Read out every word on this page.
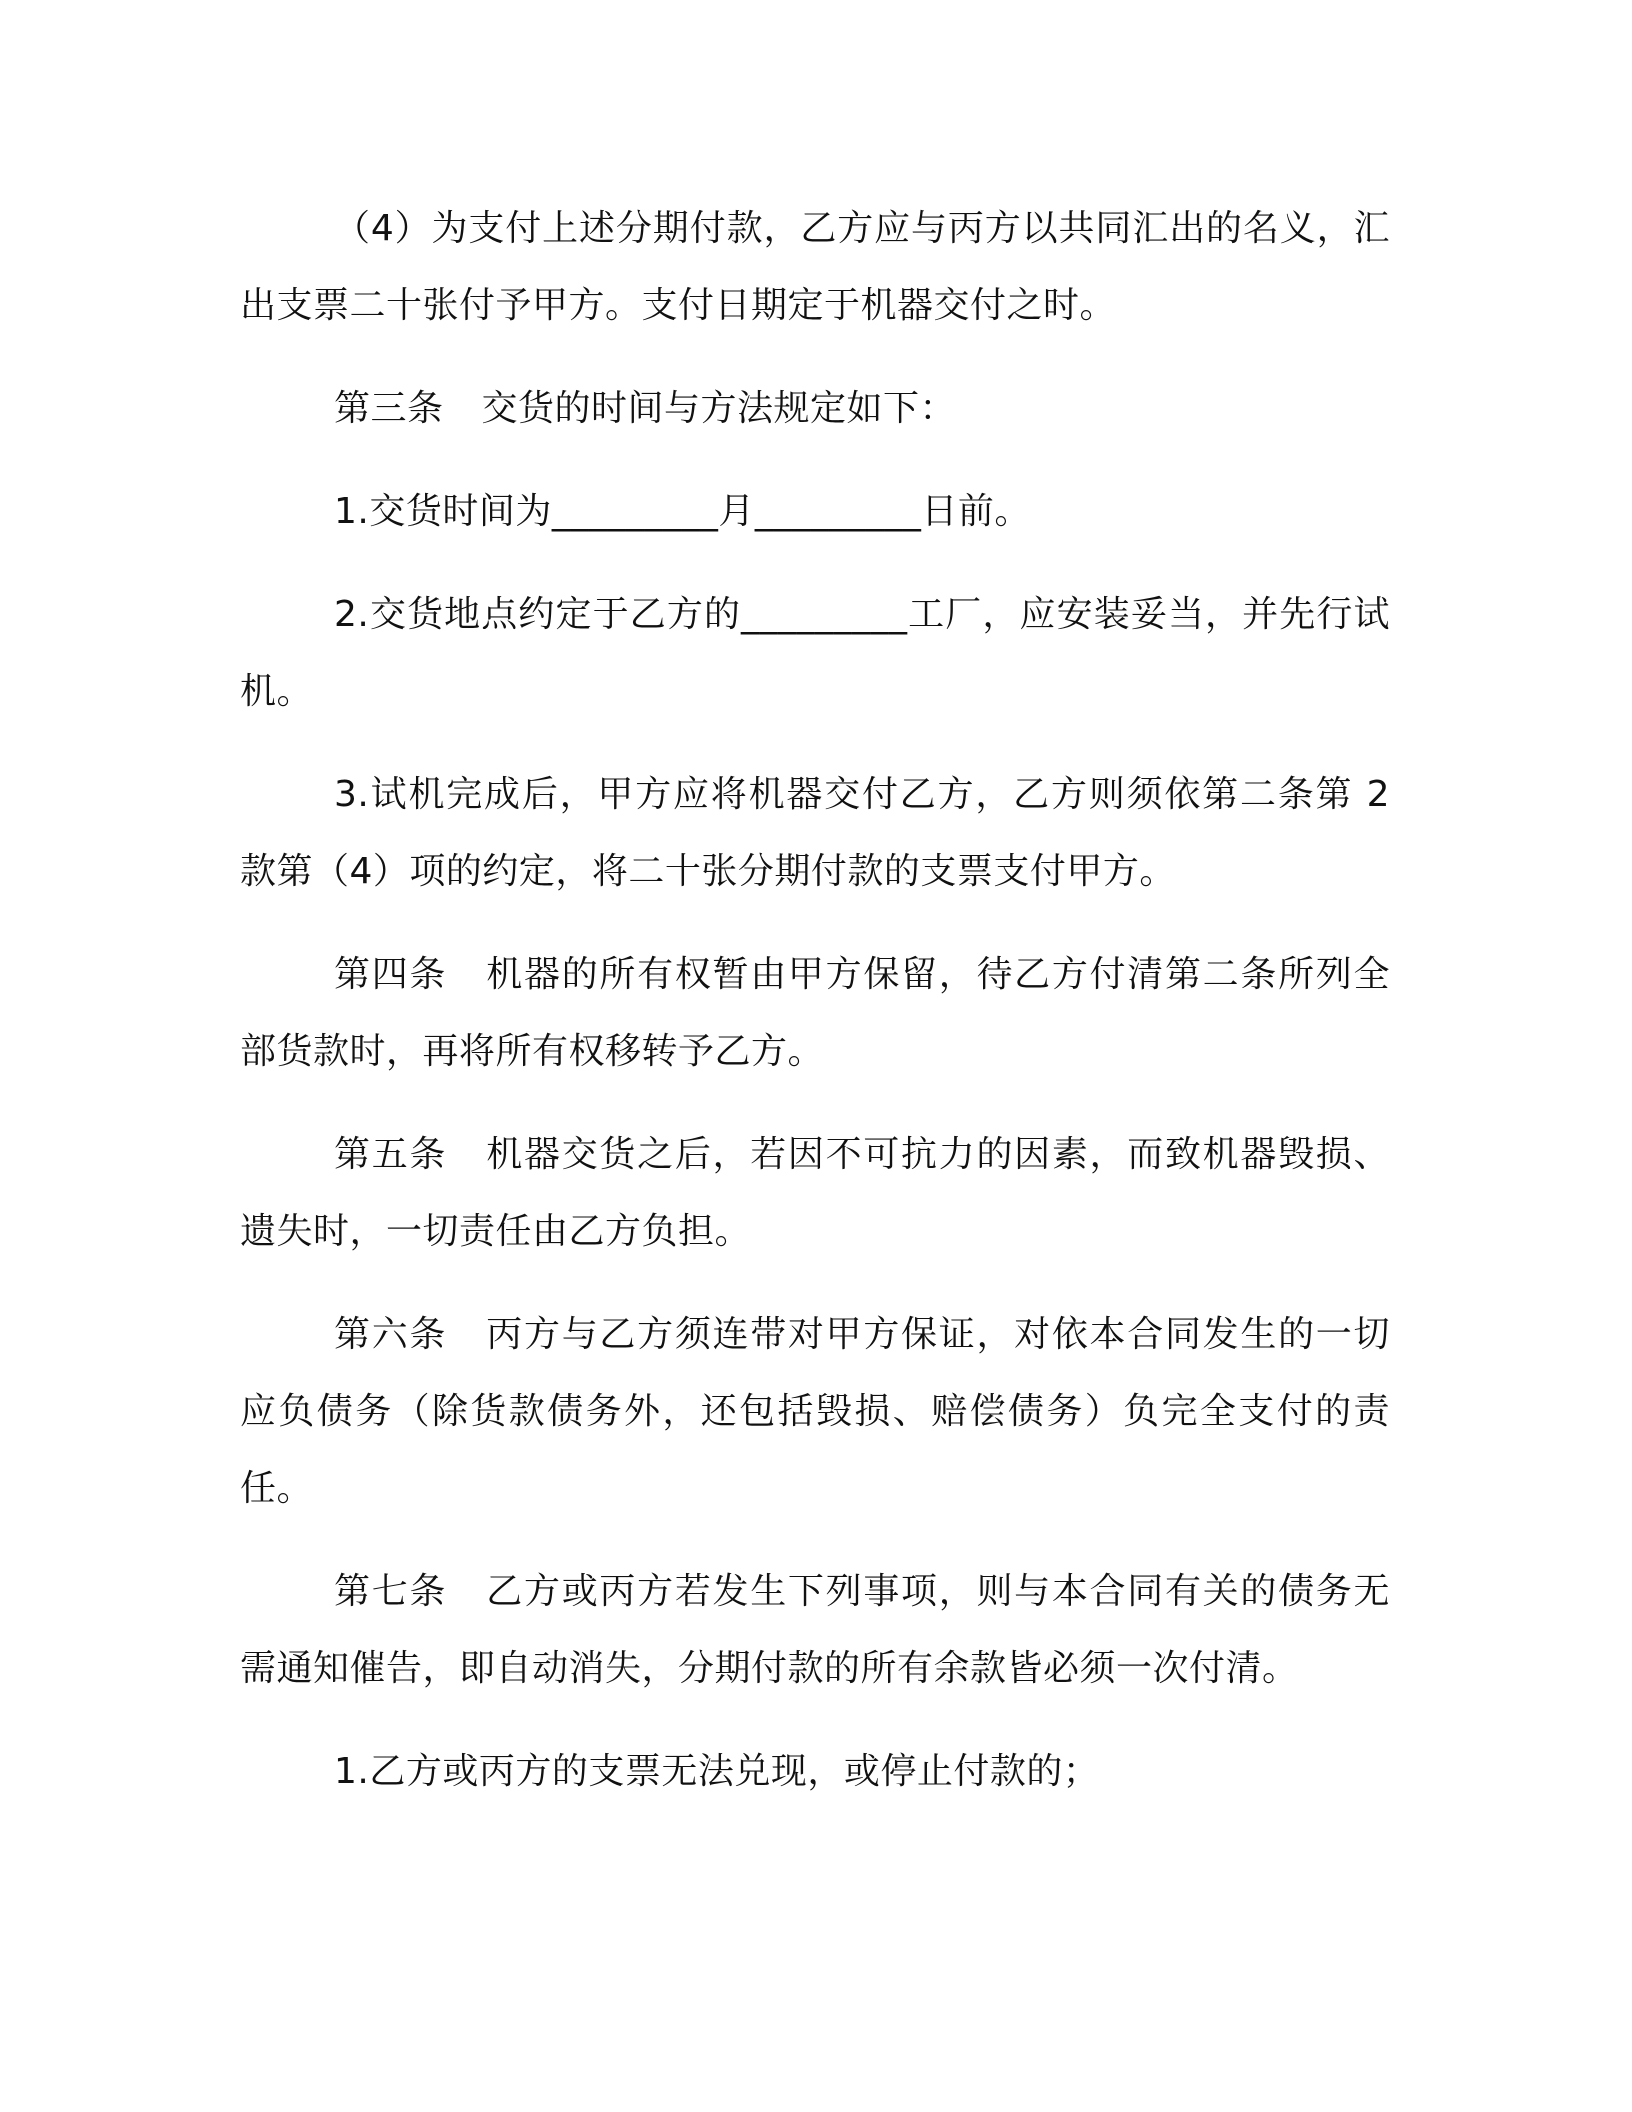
（4）为支付上述分期付款，乙方应与丙方以共同汇出的名义，汇出支票二十张付予甲方。支付日期定于机器交付之时。

第三条 交货的时间与方法规定如下：

1.交货时间为_________月_________日前。

2.交货地点约定于乙方的_________工厂，应安装妥当，并先行试机。

3.试机完成后，甲方应将机器交付乙方，乙方则须依第二条第 2 款第（4）项的约定，将二十张分期付款的支票支付甲方。

第四条 机器的所有权暂由甲方保留，待乙方付清第二条所列全部货款时，再将所有权移转予乙方。

第五条 机器交货之后，若因不可抗力的因素，而致机器毁损、遗失时，一切责任由乙方负担。

第六条 丙方与乙方须连带对甲方保证，对依本合同发生的一切应负债务（除货款债务外，还包括毁损、赔偿债务）负完全支付的责任。

第七条 乙方或丙方若发生下列事项，则与本合同有关的债务无需通知催告，即自动消失，分期付款的所有余款皆必须一次付清。

1.乙方或丙方的支票无法兑现，或停止付款的；
